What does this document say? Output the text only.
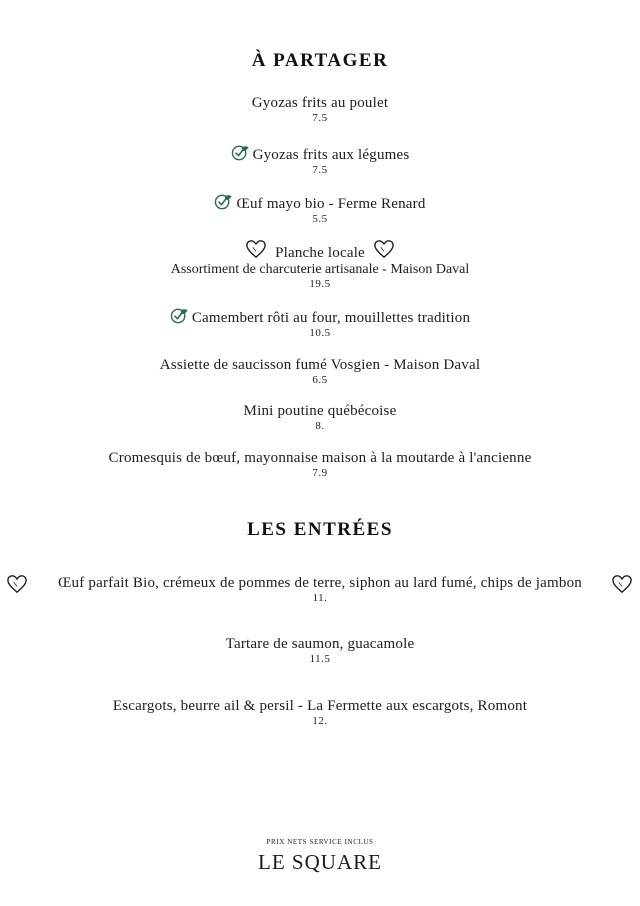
À PARTAGER
Gyozas frits au poulet
7.5
Gyozas frits aux légumes
7.5
Œuf mayo bio - Ferme Renard
5.5
Planche locale
Assortiment de charcuterie artisanale - Maison Daval
19.5
Camembert rôti au four, mouillettes tradition
10.5
Assiette de saucisson fumé Vosgien - Maison Daval
6.5
Mini poutine québécoise
8.
Cromesquis de bœuf, mayonnaise maison à la moutarde à l'ancienne
7.9
LES ENTRÉES
Œuf parfait Bio, crémeux de pommes de terre, siphon au lard fumé, chips de jambon
11.
Tartare de saumon, guacamole
11.5
Escargots, beurre ail & persil - La Fermette aux escargots, Romont
12.
PRIX NETS SERVICE INCLUS
LE SQUARE
